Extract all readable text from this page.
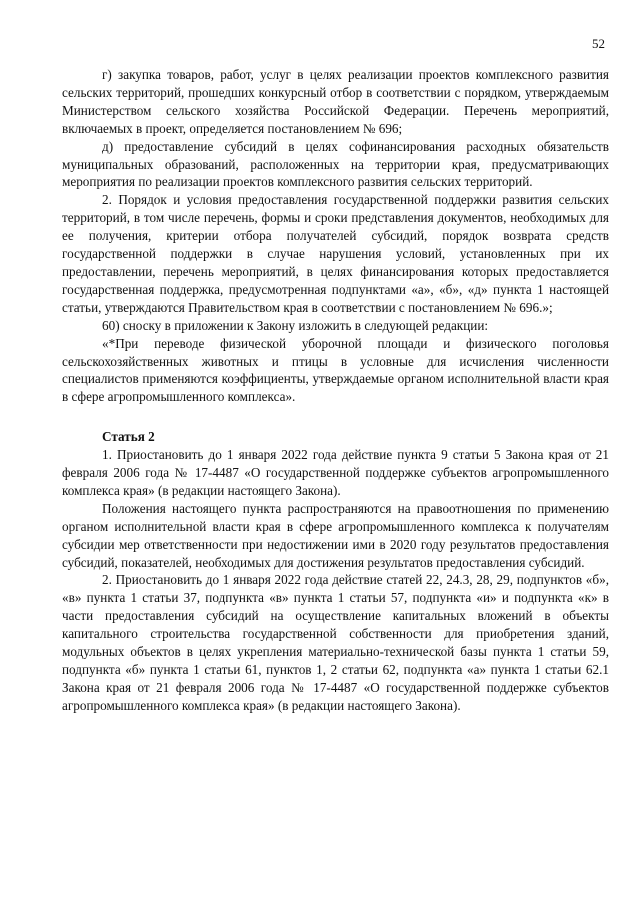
52

г) закупка товаров, работ, услуг в целях реализации проектов комплексного развития сельских территорий, прошедших конкурсный отбор в соответствии с порядком, утверждаемым Министерством сельского хозяйства Российской Федерации. Перечень мероприятий, включаемых в проект, определяется постановлением № 696;

д) предоставление субсидий в целях софинансирования расходных обязательств муниципальных образований, расположенных на территории края, предусматривающих мероприятия по реализации проектов комплексного развития сельских территорий.

2. Порядок и условия предоставления государственной поддержки развития сельских территорий, в том числе перечень, формы и сроки представления документов, необходимых для ее получения, критерии отбора получателей субсидий, порядок возврата средств государственной поддержки в случае нарушения условий, установленных при их предоставлении, перечень мероприятий, в целях финансирования которых предоставляется государственная поддержка, предусмотренная подпунктами «а», «б», «д» пункта 1 настоящей статьи, утверждаются Правительством края в соответствии с постановлением № 696.»;

60) сноску в приложении к Закону изложить в следующей редакции:

«*При переводе физической уборочной площади и физического поголовья сельскохозяйственных животных и птицы в условные для исчисления численности специалистов применяются коэффициенты, утверждаемые органом исполнительной власти края в сфере агропромышленного комплекса».

Статья 2

1. Приостановить до 1 января 2022 года действие пункта 9 статьи 5 Закона края от 21 февраля 2006 года № 17-4487 «О государственной поддержке субъектов агропромышленного комплекса края» (в редакции настоящего Закона).

Положения настоящего пункта распространяются на правоотношения по применению органом исполнительной власти края в сфере агропромышленного комплекса к получателям субсидии мер ответственности при недостижении ими в 2020 году результатов предоставления субсидий, показателей, необходимых для достижения результатов предоставления субсидий.

2. Приостановить до 1 января 2022 года действие статей 22, 24.3, 28, 29, подпунктов «б», «в» пункта 1 статьи 37, подпункта «в» пункта 1 статьи 57, подпункта «и» и подпункта «к» в части предоставления субсидий на осуществление капитальных вложений в объекты капитального строительства государственной собственности для приобретения зданий, модульных объектов в целях укрепления материально-технической базы пункта 1 статьи 59, подпункта «б» пункта 1 статьи 61, пунктов 1, 2 статьи 62, подпункта «а» пункта 1 статьи 62.1 Закона края от 21 февраля 2006 года № 17-4487 «О государственной поддержке субъектов агропромышленного комплекса края» (в редакции настоящего Закона).
